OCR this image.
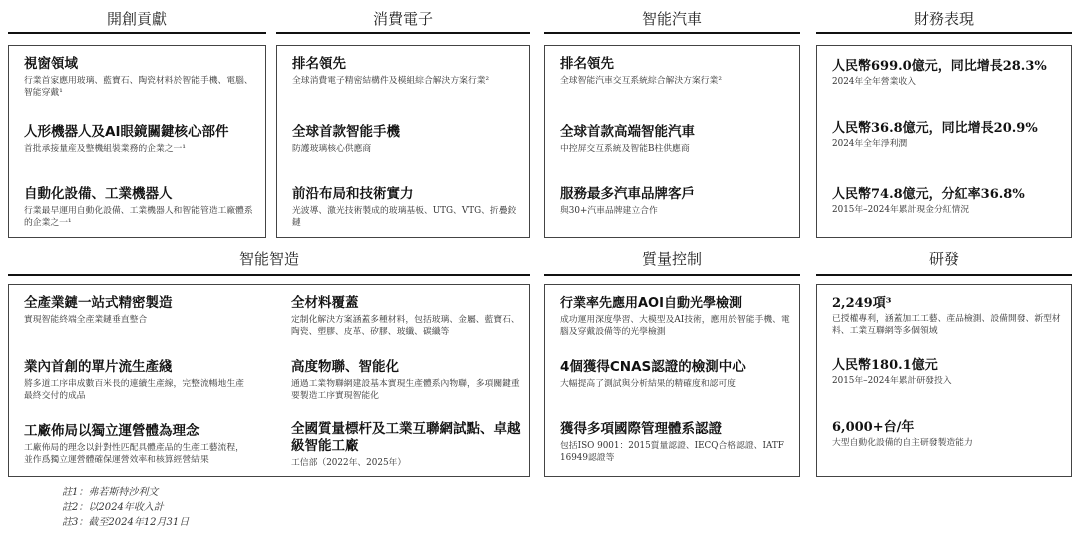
開創貢獻	消費電子	智能汽車	財務表現
視窗領域
行業首家應用玻璃、藍寶石、陶瓷材料於智能手機、電腦、智能穿戴¹
人形機器人及AI眼鏡關鍵核心部件
首批承接量産及整機組裝業務的企業之一¹
自動化設備、工業機器人
行業最早運用自動化設備、工業機器人和智能管造工廠體系的企業之一¹
排名領先
全球消費電子精密結構件及模組綜合解決方案行業²
全球首款智能手機
防護玻璃核心供應商
前沿布局和技術實力
光波導、激光技術製成的玻璃基板、UTG、VTG、折疊鉸鏈
排名領先
全球智能汽車交互系統綜合解決方案行業²
全球首款高端智能汽車
中控屏交互系統及智能B柱供應商
服務最多汽車品牌客戶
與30+汽車品牌建立合作
人民幣699.0億元，同比增長28.3%
2024年全年營業收入
人民幣36.8億元，同比增長20.9%
2024年全年淨利潤
人民幣74.8億元，分紅率36.8%
2015年–2024年累計現金分紅情況
智能智造	質量控制	研發
全產業鏈一站式精密製造
實現智能終端全產業鏈垂直整合
業內首創的單片流生產綫
將多道工序串成數百米長的連續生產線，完整流暢地生產最終交付的成品
工廠佈局以獨立運營體為理念
工廠佈局的理念以針對性匹配具體產品的生產工藝流程，並作爲獨立運營體確保運營效率和核算經營結果
全材料覆蓋
定制化解決方案涵蓋多種材料，包括玻璃、金屬、藍寶石、陶瓷、塑膠、皮革、矽膠、玻纖、碳纖等
高度物聯、智能化
通過工業物聯網建設基本實現生產體系內物聯，多項關鍵重要製造工序實現智能化
全國質量標杆及工業互聯網試點、卓越級智能工廠
工信部（2022年、2025年）
行業率先應用AOI自動光學檢測
成功運用深度學習、大模型及AI技術，應用於智能手機、電腦及穿戴設備等的光學檢測
4個獲得CNAS認證的檢測中心
大幅提高了測試與分析結果的精確度和認可度
獲得多項國際管理體系認證
包括ISO 9001：2015質量認證、IECQ合格認證、IATF 16949認證等
2,249項³
已授權專利，涵蓋加工工藝、產品檢測、設備開發、新型材料、工業互聯網等多個領域
人民幣180.1億元
2015年–2024年累計研發投入
6,000+台/年
大型自動化設備的自主研發製造能力
註1：弗若斯特沙利文
註2：以2024年收入計
註3：截至2024年12月31日
